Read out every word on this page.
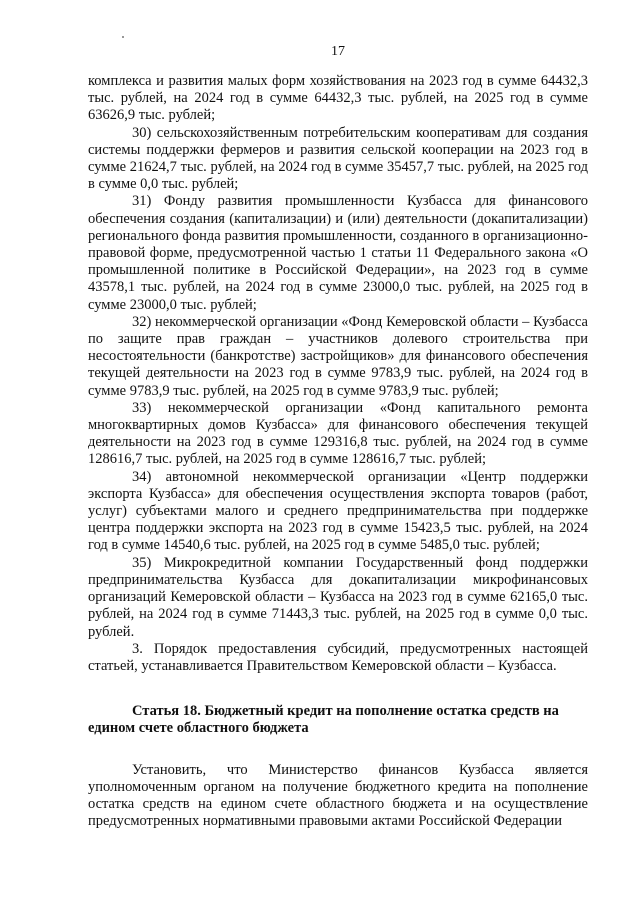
17

комплекса и развития малых форм хозяйствования на 2023 год в сумме 64432,3 тыс. рублей, на 2024 год в сумме 64432,3 тыс. рублей, на 2025 год в сумме 63626,9 тыс. рублей;

30) сельскохозяйственным потребительским кооперативам для создания системы поддержки фермеров и развития сельской кооперации на 2023 год в сумме 21624,7 тыс. рублей, на 2024 год в сумме 35457,7 тыс. рублей, на 2025 год в сумме 0,0 тыс. рублей;

31) Фонду развития промышленности Кузбасса для финансового обеспечения создания (капитализации) и (или) деятельности (докапитализации) регионального фонда развития промышленности, созданного в организационно-правовой форме, предусмотренной частью 1 статьи 11 Федерального закона «О промышленной политике в Российской Федерации», на 2023 год в сумме 43578,1 тыс. рублей, на 2024 год в сумме 23000,0 тыс. рублей, на 2025 год в сумме 23000,0 тыс. рублей;

32) некоммерческой организации «Фонд Кемеровской области – Кузбасса по защите прав граждан – участников долевого строительства при несостоятельности (банкротстве) застройщиков» для финансового обеспечения текущей деятельности на 2023 год в сумме 9783,9 тыс. рублей, на 2024 год в сумме 9783,9 тыс. рублей, на 2025 год в сумме 9783,9 тыс. рублей;

33) некоммерческой организации «Фонд капитального ремонта многоквартирных домов Кузбасса» для финансового обеспечения текущей деятельности на 2023 год в сумме 129316,8 тыс. рублей, на 2024 год в сумме 128616,7 тыс. рублей, на 2025 год в сумме 128616,7 тыс. рублей;

34) автономной некоммерческой организации «Центр поддержки экспорта Кузбасса» для обеспечения осуществления экспорта товаров (работ, услуг) субъектами малого и среднего предпринимательства при поддержке центра поддержки экспорта на 2023 год в сумме 15423,5 тыс. рублей, на 2024 год в сумме 14540,6 тыс. рублей, на 2025 год в сумме 5485,0 тыс. рублей;

35) Микрокредитной компании Государственный фонд поддержки предпринимательства Кузбасса для докапитализации микрофинансовых организаций Кемеровской области – Кузбасса на 2023 год в сумме 62165,0 тыс. рублей, на 2024 год в сумме 71443,3 тыс. рублей, на 2025 год в сумме 0,0 тыс. рублей.

3. Порядок предоставления субсидий, предусмотренных настоящей статьей, устанавливается Правительством Кемеровской области – Кузбасса.

Статья 18. Бюджетный кредит на пополнение остатка средств на едином счете областного бюджета

Установить, что Министерство финансов Кузбасса является уполномоченным органом на получение бюджетного кредита на пополнение остатка средств на едином счете областного бюджета и на осуществление предусмотренных нормативными правовыми актами Российской Федерации
